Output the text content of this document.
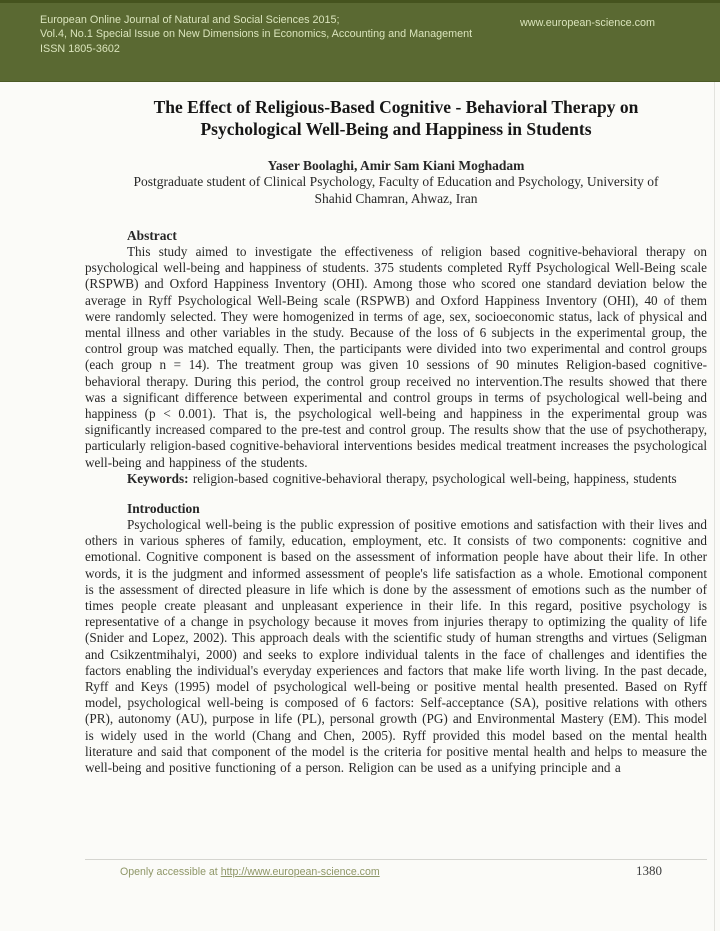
European Online Journal of Natural and Social Sciences 2015;
Vol.4, No.1 Special Issue on New Dimensions in Economics, Accounting and Management
ISSN 1805-3602
www.european-science.com
The Effect of Religious-Based Cognitive - Behavioral Therapy on
Psychological Well-Being and Happiness in Students
Yaser Boolaghi, Amir Sam Kiani Moghadam
Postgraduate student of Clinical Psychology, Faculty of Education and Psychology, University of
Shahid Chamran, Ahwaz, Iran
Abstract

This study aimed to investigate the effectiveness of religion based cognitive-behavioral therapy on psychological well-being and happiness of students. 375 students completed Ryff Psychological Well-Being scale (RSPWB) and Oxford Happiness Inventory (OHI). Among those who scored one standard deviation below the average in Ryff Psychological Well-Being scale (RSPWB) and Oxford Happiness Inventory (OHI), 40 of them were randomly selected. They were homogenized in terms of age, sex, socioeconomic status, lack of physical and mental illness and other variables in the study. Because of the loss of 6 subjects in the experimental group, the control group was matched equally. Then, the participants were divided into two experimental and control groups (each group n = 14). The treatment group was given 10 sessions of 90 minutes Religion-based cognitive-behavioral therapy. During this period, the control group received no intervention.The results showed that there was a significant difference between experimental and control groups in terms of psychological well-being and happiness (p < 0.001). That is, the psychological well-being and happiness in the experimental group was significantly increased compared to the pre-test and control group. The results show that the use of psychotherapy, particularly religion-based cognitive-behavioral interventions besides medical treatment increases the psychological well-being and happiness of the students.

Keywords: religion-based cognitive-behavioral therapy, psychological well-being, happiness, students

Introduction

Psychological well-being is the public expression of positive emotions and satisfaction with their lives and others in various spheres of family, education, employment, etc. It consists of two components: cognitive and emotional. Cognitive component is based on the assessment of information people have about their life. In other words, it is the judgment and informed assessment of people's life satisfaction as a whole. Emotional component is the assessment of directed pleasure in life which is done by the assessment of emotions such as the number of times people create pleasant and unpleasant experience in their life. In this regard, positive psychology is representative of a change in psychology because it moves from injuries therapy to optimizing the quality of life (Snider and Lopez, 2002). This approach deals with the scientific study of human strengths and virtues (Seligman and Csikzentmihalyi, 2000) and seeks to explore individual talents in the face of challenges and identifies the factors enabling the individual's everyday experiences and factors that make life worth living. In the past decade, Ryff and Keys (1995) model of psychological well-being or positive mental health presented. Based on Ryff model, psychological well-being is composed of 6 factors: Self-acceptance (SA), positive relations with others (PR), autonomy (AU), purpose in life (PL), personal growth (PG) and Environmental Mastery (EM). This model is widely used in the world (Chang and Chen, 2005). Ryff provided this model based on the mental health literature and said that component of the model is the criteria for positive mental health and helps to measure the well-being and positive functioning of a person. Religion can be used as a unifying principle and a

Openly accessible at http://www.european-science.com	1380
